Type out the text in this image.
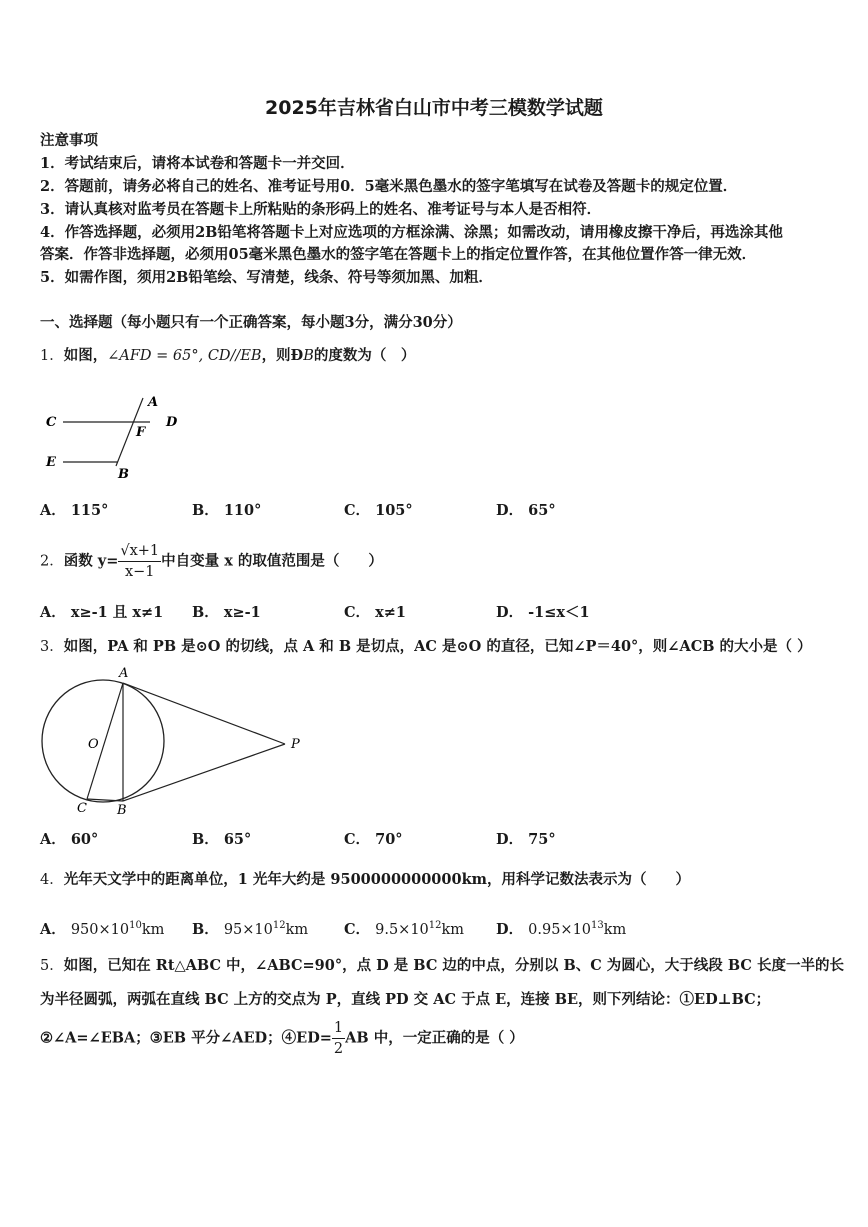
2025年吉林省白山市中考三模数学试题
注意事项
1．考试结束后，请将本试卷和答题卡一并交回．
2．答题前，请务必将自己的姓名、准考证号用0．5毫米黑色墨水的签字笔填写在试卷及答题卡的规定位置．
3．请认真核对监考员在答题卡上所粘贴的条形码上的姓名、准考证号与本人是否相符．
4．作答选择题，必须用2B铅笔将答题卡上对应选项的方框涂满、涂黑；如需改动，请用橡皮擦干净后，再选涂其他
答案．作答非选择题，必须用05毫米黑色墨水的签字笔在答题卡上的指定位置作答，在其他位置作答一律无效．
5．如需作图，须用2B铅笔绘、写清楚，线条、符号等须加黑、加粗．
一、选择题（每小题只有一个正确答案，每小题3分，满分30分）
1．如图，∠AFD = 65°, CD//EB，则ÐB的度数为（　）
A
C	D
F
E
B
A． 115°	B． 110°	C． 105°	D． 65°
2．函数 $y= \frac{√x+1}{x-1}$ 中自变量 x 的取值范围是（　　）
A． x≥-1 且 x≠1 B． x≥-1	C． x≠1	D． -1≤x＜1
3．如图，PA 和 PB 是⊙O 的切线，点 A 和 B 是切点，AC 是⊙O 的直径，已知∠P＝40°，则∠ACB 的大小是（ ）
A
O	P
C B
A． 60°	B． 65°	C． 70°	D． 75°
4．光年天文学中的距离单位，1 光年大约是 9500000000000km，用科学记数法表示为（　　）
A． $950\times 10^{10}km$ B． $95\times 10^{12}km$ C． $9.5\times 10^{12}km$ D． $0.95\times 10^{13}km$
5．如图，已知在 Rt△ABC 中，∠ABC=90°，点 D 是 BC 边的中点，分别以 B、C 为圆心，大于线段 BC 长度一半的长
为半径圆弧，两弧在直线 BC 上方的交点为 P，直线 PD 交 AC 于点 E，连接 BE，则下列结论：①ED⊥BC；
②∠A=∠EBA；③EB 平分∠AED；④ED= $\frac{1}{2}$ AB 中，一定正确的是（ ）
